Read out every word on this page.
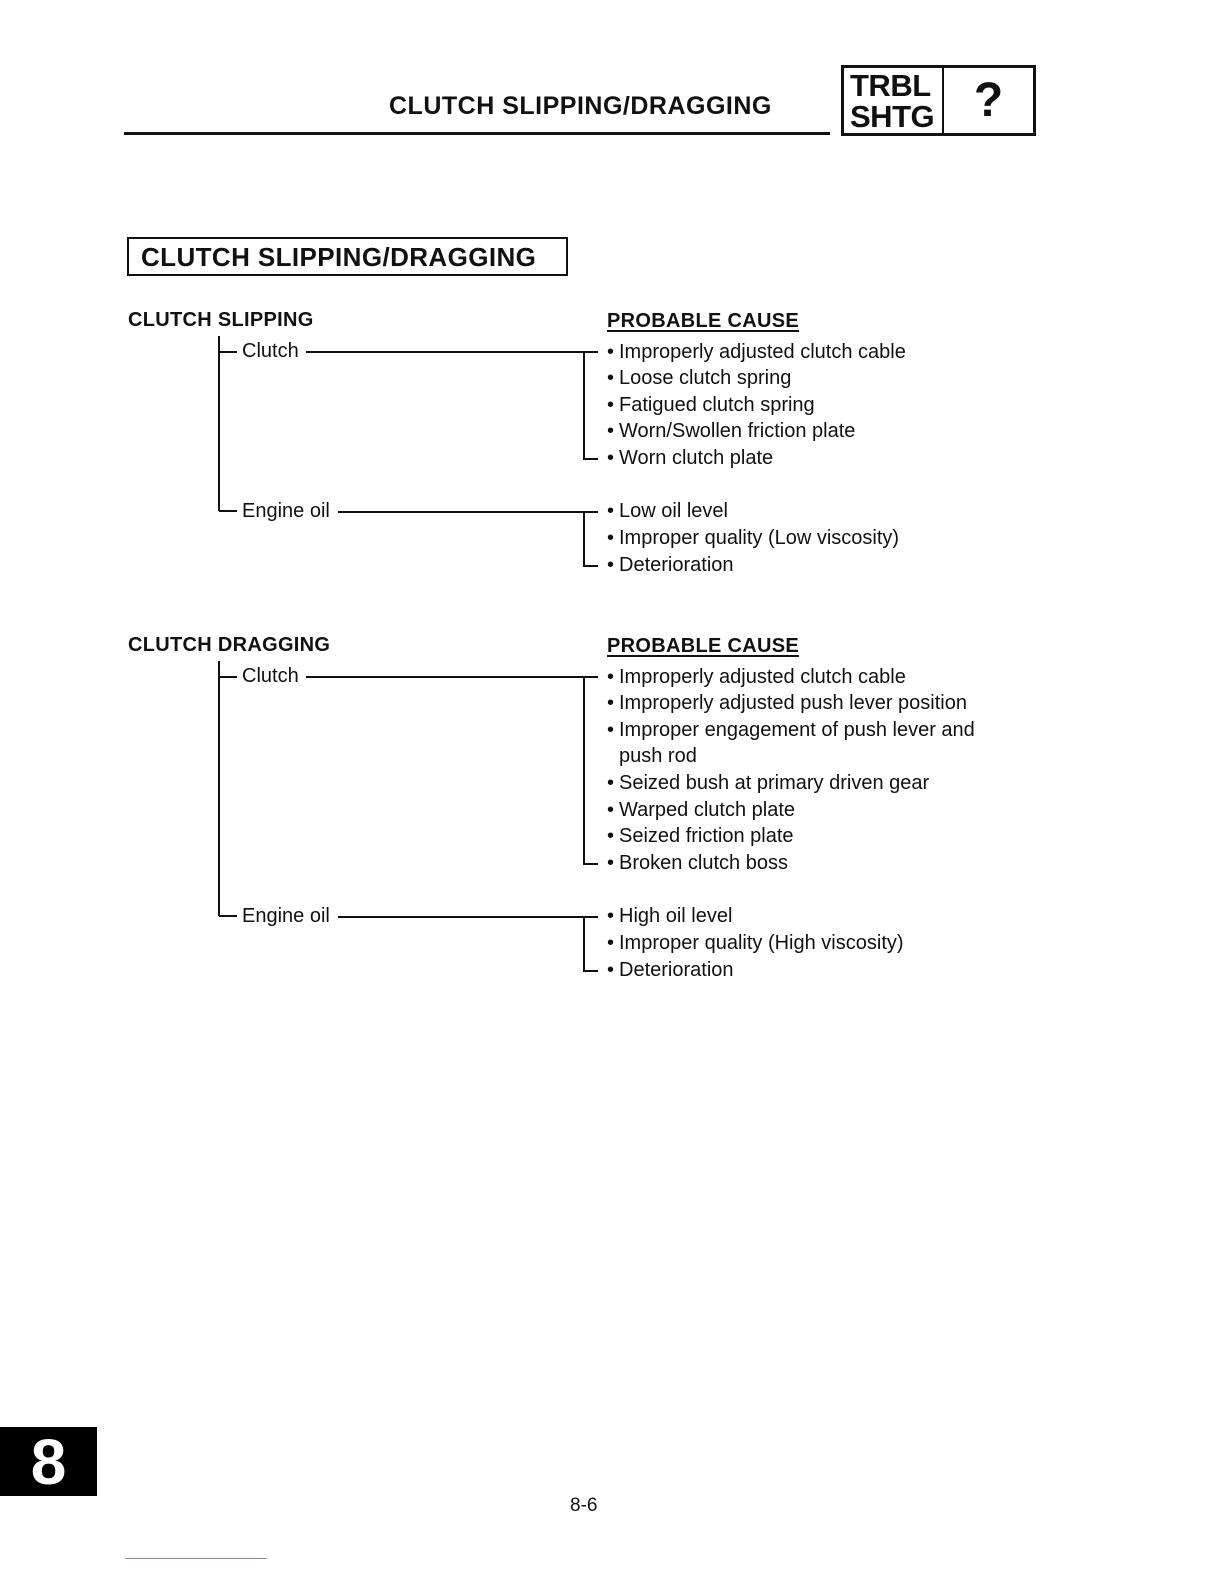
CLUTCH SLIPPING/DRAGGING
TRBL
SHTG ?
CLUTCH SLIPPING/DRAGGING
CLUTCH SLIPPING	PROBABLE CAUSE
Clutch
Engine oil
• Improperly adjusted clutch cable
• Loose clutch spring
• Fatigued clutch spring
• Worn/Swollen friction plate
• Worn clutch plate
• Low oil level
• Improper quality (Low viscosity)
• Deterioration
CLUTCH DRAGGING	PROBABLE CAUSE
Clutch
Engine oil
• Improperly adjusted clutch cable
• Improperly adjusted push lever position
• Improper engagement of push lever and
push rod
• Seized bush at primary driven gear
• Warped clutch plate
• Seized friction plate
• Broken clutch boss
• High oil level
• Improper quality (High viscosity)
• Deterioration
8
8-6
